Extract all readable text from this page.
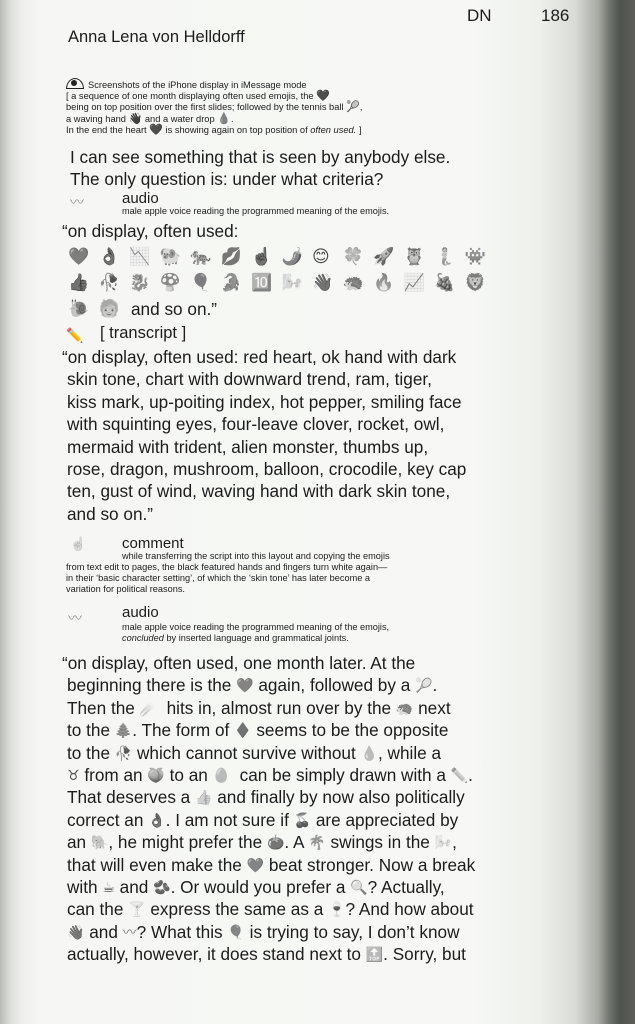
DN	186
Anna Lena von Helldorff
Screenshots of the iPhone display in iMessage mode
[ a sequence of one month displaying often used emojis, the ❤️
being on top position over the first slides; followed by the tennis ball 🎾,
a waving hand 👋🏿 and a water drop 💧.
In the end the heart ❤️ is showing again on top position of often used. ]
I can see something that is seen by anybody else.
The only question is: under what criteria?
〰	audio
male apple voice reading the programmed meaning of the emojis.
“on display, often used:
❤️ 👌🏿 📉 🐏 🐅 💋 ☝🏿 🌶️ 😊 🍀 🚀 🦉 🧜 👾
👍🏿 🥀 🐉 🍄 🎈 🐊 🔟 🌬️ 👋🏿 🦔 🔥 📈 🍇 🦁
🐌 🧓 and so on.”
✏️ [ transcript ]
“on display, often used: red heart, ok hand with dark
skin tone, chart with downward trend, ram, tiger,
kiss mark, up-poiting index, hot pepper, smiling face
with squinting eyes, four-leave clover, rocket, owl,
mermaid with trident, alien monster, thumbs up,
rose, dragon, mushroom, balloon, crocodile, key cap
ten, gust of wind, waving hand with dark skin tone,
and so on.”
☝️ comment
while transferring the script into this layout and copying the emojis
from text edit to pages, the black featured hands and fingers turn white again—
in their ‘basic character setting’, of which the ‘skin tone’ has later become a
variation for political reasons.
〰	audio
male apple voice reading the programmed meaning of the emojis,
concluded by inserted language and grammatical joints.
“on display, often used, one month later. At the
beginning there is the ❤️ again, followed by a 🎾.
Then the ☄️  hits in, almost run over by the 🦔 next
to the 🌲. The form of ♦️ seems to be the opposite
to the 🥀 which cannot survive without 💧, while a
♉ from an 🍑 to an 🥚  can be simply drawn with a ✏️.
That deserves a 👍 and finally by now also politically
correct an 👌🏿. I am not sure if 🍒 are appreciated by
an 🐘, he might prefer the 🍅. A 🌴 swings in the 🌬️,
that will even make the ❤️ beat stronger. Now a break
with ☕ and 🫘. Or would you prefer a 🔍? Actually,
can the 🍸 express the same as a 🍷? And how about
👋🏿 and 〰? What this 🎈 is trying to say, I don’t know
actually, however, it does stand next to 🔝. Sorry, but
